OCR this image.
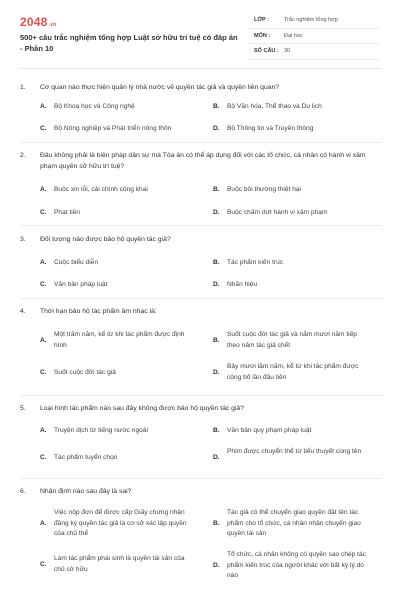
2048.vn
500+ câu trắc nghiệm tổng hợp Luật sở hữu trí tuệ có đáp án - Phần 10
LỚP :	Trắc nghiệm tổng hợp
MÔN :	Đại học
SỐ CÂU : 30
1. Cơ quan nào thực hiện quản lý nhà nước về quyền tác giả và quyền liên quan?
A. Bộ Khoa học và Công nghệ	B. Bộ Văn hóa, Thể thao và Du lịch
C. Bộ Nông nghiệp và Phát triển nông thôn	D. Bộ Thông tin và Truyền thông
2. Đâu không phải là biện pháp dân sự mà Tòa án có thể áp dụng đối với các tổ chức, cá nhân có hành vi xâm phạm quyền sở hữu trí tuệ?
A. Buộc xin lỗi, cải chính công khai	B. Buộc bồi thường thiệt hại
C. Phạt tiền	D. Buộc chấm dứt hành vi xâm phạm
3. Đối tượng nào được bảo hộ quyền tác giả?
A. Cuộc biểu diễn	B. Tác phẩm kiến trúc
C. Văn bản pháp luật	D. Nhãn hiệu
4. Thời hạn bảo hộ tác phẩm âm nhạc là:
A.
Một trăm năm, kể từ khi tác phẩm được định hình
B.
Suốt cuộc đời tác giả và năm mươi năm tiếp theo năm tác giả chết
C. Suốt cuộc đời tác giả	D.
Bảy mươi lăm năm, kể từ khi tác phẩm được công bố lần đầu tiên
5. Loại hình tác phẩm nào sau đây không được bảo hộ quyền tác giả?
A. Truyện dịch từ tiếng nước ngoài	B. Văn bản quy phạm pháp luật
C. Tác phẩm tuyển chọn	D.
Phim được chuyển thể từ tiểu thuyết cùng tên
6. Nhận định nào sau đây là sai?
A.
Việc nộp đơn để được cấp Giấy chứng nhận đăng ký quyền tác giả là cơ sở xác lập quyền của chủ thể
B.
Tác giả có thể chuyển giao quyền đặt tên tác phẩm cho tổ chức, cá nhân nhận chuyển giao quyền tài sản
C.
Làm tác phẩm phái sinh là quyền tài sản của chủ sở hữu	D.
Tổ chức, cá nhân không có quyền sao chép tác phẩm kiến trúc của người khác với bất kỳ lý do nào
